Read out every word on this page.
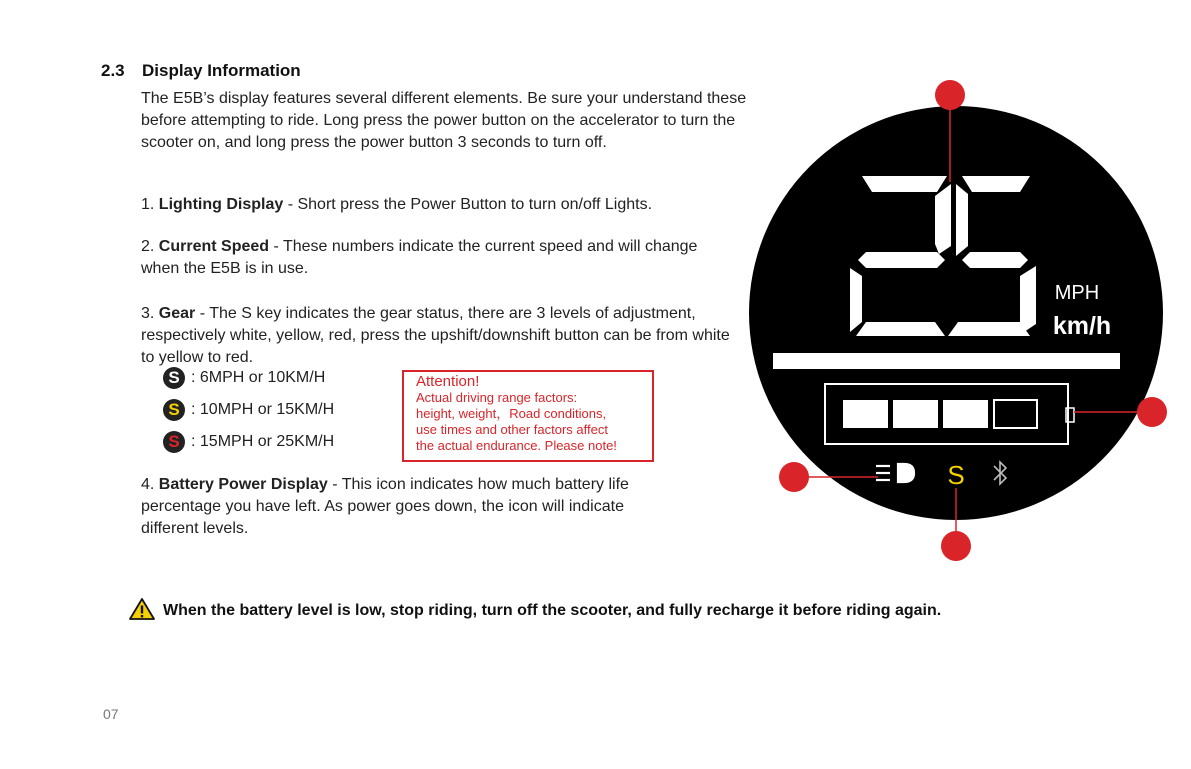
2.3 Display Information
The E5B’s display features several different elements. Be sure your understand these before attempting to ride. Long press the power button on the accelerator to turn the scooter on, and long press the power button 3 seconds to turn off.
1. Lighting Display - Short press the Power Button to turn on/off Lights.
2. Current Speed - These numbers indicate the current speed and will change when the E5B is in use.
3. Gear - The S key indicates the gear status, there are 3 levels of adjustment, respectively white, yellow, red, press the upshift/downshift button can be from white to yellow to red.
S : 6MPH or 10KM/H
S : 10MPH or 15KM/H
S : 15MPH or 25KM/H
Attention!
Actual driving range factors:
height, weight，Road conditions,
use times and other factors affect
the actual endurance. Please note!
4. Battery Power Display - This icon indicates how much battery life percentage you have left. As power goes down, the icon will indicate different levels.
When the battery level is low, stop riding, turn off the scooter, and fully recharge it before riding again.
07
MPH
km/h
S
